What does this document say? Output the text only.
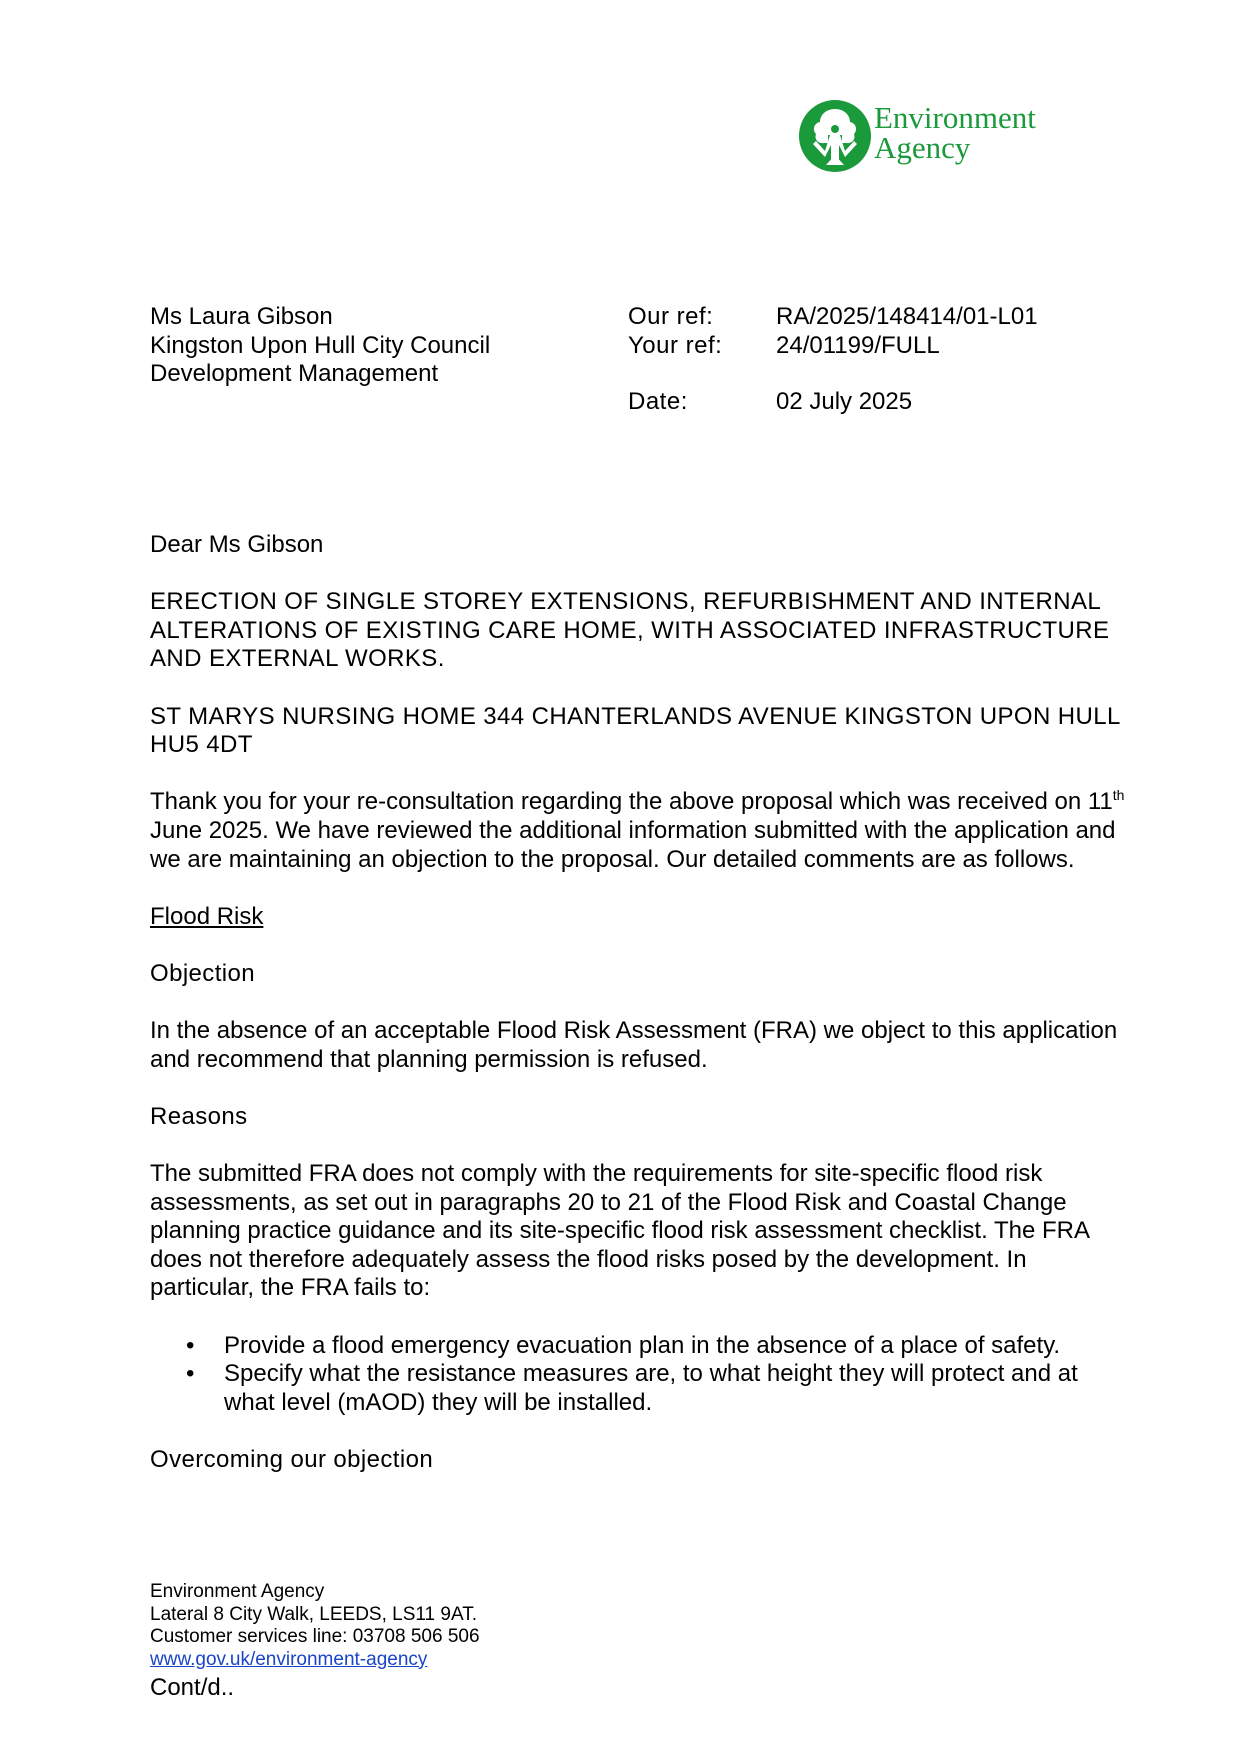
Environment
Agency
Ms Laura Gibson
Kingston Upon Hull City Council
Development Management
Our ref:	RA/2025/148414/01-L01
Your ref:	24/01199/FULL
Date:	02 July 2025

Dear Ms Gibson

ERECTION OF SINGLE STOREY EXTENSIONS, REFURBISHMENT AND INTERNAL ALTERATIONS OF EXISTING CARE HOME, WITH ASSOCIATED INFRASTRUCTURE AND EXTERNAL WORKS.

ST MARYS NURSING HOME 344 CHANTERLANDS AVENUE KINGSTON UPON HULL HU5 4DT

Thank you for your re-consultation regarding the above proposal which was received on 11th June 2025. We have reviewed the additional information submitted with the application and we are maintaining an objection to the proposal. Our detailed comments are as follows.

Flood Risk

Objection

In the absence of an acceptable Flood Risk Assessment (FRA) we object to this application and recommend that planning permission is refused.

Reasons

The submitted FRA does not comply with the requirements for site-specific flood risk assessments, as set out in paragraphs 20 to 21 of the Flood Risk and Coastal Change planning practice guidance and its site-specific flood risk assessment checklist. The FRA does not therefore adequately assess the flood risks posed by the development. In particular, the FRA fails to:

• Provide a flood emergency evacuation plan in the absence of a place of safety.
• Specify what the resistance measures are, to what height they will protect and at what level (mAOD) they will be installed.

Overcoming our objection

Environment Agency
Lateral 8 City Walk, LEEDS, LS11 9AT.
Customer services line: 03708 506 506
www.gov.uk/environment-agency
Cont/d..
